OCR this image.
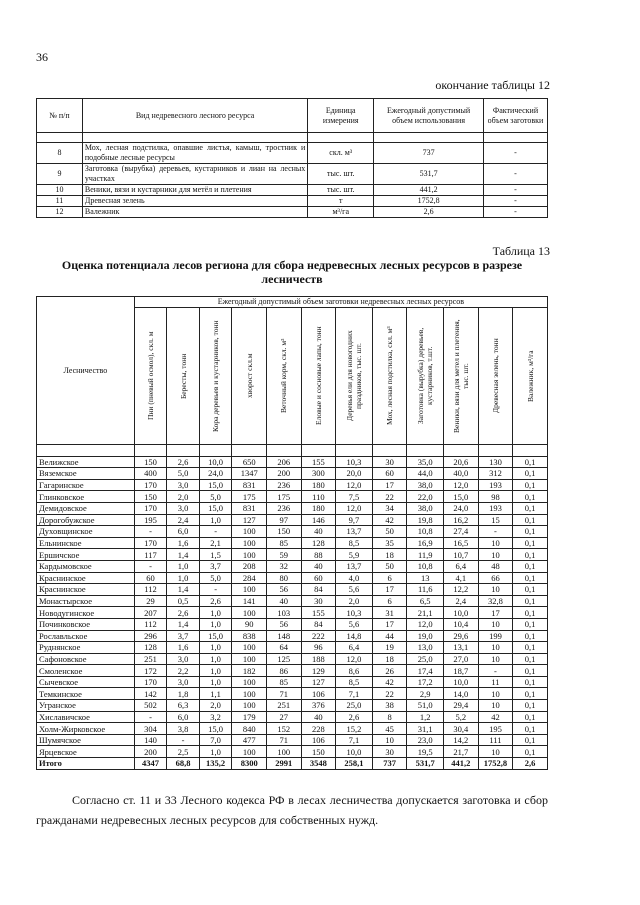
36
окончание таблицы 12
№ п/п	Вид недревесного лесного ресурса	Единица измерения	Ежегодный допустимый объем использования	Фактический объем заготовки

8	Мох, лесная подстилка, опавшие листья, камыш, тростник и подобные лесные ресурсы	скл. м³	737	-
9	Заготовка (вырубка) деревьев, кустарников и лиан на лесных участках	тыс. шт.	531,7	-
10	Веники, вязи и кустарники для метёл и плетения	тыс. шт.	441,2	-
11	Древесная зелень	т	1752,8	-
12	Валежник	м³/га	2,6	-
Таблица 13
Оценка потенциала лесов региона для сбора недревесных лесных ресурсов в разрезе лесничеств
Лесничество	Ежегодный допустимый объем заготовки недревесных лесных ресурсов											

	Пни (пневый осмол), скл. м	Бересты, тонн	Кора деревьев и кустарников, тонн	хворост скл.м	Веточный корм, скл. м³	Еловые и сосновые лапы, тонн	Деревья ели для новогодних праздников, тыс. шт.	Мох, лесная подстилка, скл. м³	Заготовка (вырубка) деревьев, кустарников, т.шт.	Веники, вязи для метел и плетения, тыс. шт.	Древесная зелень, тонн	Валежник, м³/га

Велижское	150	2,6	10,0	650	206	155	10,3	30	35,0	20,6	130	0,1
Вяземское	400	5,0	24,0	1347	200	300	20,0	60	44,0	40,0	312	0,1
Гагаринское	170	3,0	15,0	831	236	180	12,0	17	38,0	12,0	193	0,1
Глинковское	150	2,0	5,0	175	175	110	7,5	22	22,0	15,0	98	0,1
Демидовское	170	3,0	15,0	831	236	180	12,0	34	38,0	24,0	193	0,1
Дорогобужское	195	2,4	1,0	127	97	146	9,7	42	19,8	16,2	15	0,1
Духовщинское	-	6,0	-	100	150	40	13,7	50	10,8	27,4	-	0,1
Ельнинское	170	1,6	2,1	100	85	128	8,5	35	16,9	16,5	10	0,1
Ершичское	117	1,4	1,5	100	59	88	5,9	18	11,9	10,7	10	0,1
Кардымовское	-	1,0	3,7	208	32	40	13,7	50	10,8	6,4	48	0,1
Краснинское	60	1,0	5,0	284	80	60	4,0	6	13	4,1	66	0,1
Краснинское	112	1,4	-	100	56	84	5,6	17	11,6	12,2	10	0,1
Монастырское	29	0,5	2,6	141	40	30	2,0	6	6,5	2,4	32,8	0,1
Новодугинское	207	2,6	1,0	100	103	155	10,3	31	21,1	10,0	17	0,1
Починковское	112	1,4	1,0	90	56	84	5,6	17	12,0	10,4	10	0,1
Рославльское	296	3,7	15,0	838	148	222	14,8	44	19,0	29,6	199	0,1
Руднянское	128	1,6	1,0	100	64	96	6,4	19	13,0	13,1	10	0,1
Сафоновское	251	3,0	1,0	100	125	188	12,0	18	25,0	27,0	10	0,1
Смоленское	172	2,2	1,0	182	86	129	8,6	26	17,4	18,7	-	0,1
Сычевское	170	3,0	1,0	100	85	127	8,5	42	17,2	10,0	11	0,1
Темкинское	142	1,8	1,1	100	71	106	7,1	22	2,9	14,0	10	0,1
Угранское	502	6,3	2,0	100	251	376	25,0	38	51,0	29,4	10	0,1
Хиславичское	-	6,0	3,2	179	27	40	2,6	8	1,2	5,2	42	0,1
Холм-Жирковское	304	3,8	15,0	840	152	228	15,2	45	31,1	30,4	195	0,1
Шумячское	140	-	7,0	477	71	106	7,1	10	23,0	14,2	111	0,1
Ярцевское	200	2,5	1,0	100	100	150	10,0	30	19,5	21,7	10	0,1
Итого	4347	68,8	135,2	8300	2991	3548	258,1	737	531,7	441,2	1752,8	2,6
Согласно ст. 11 и 33 Лесного кодекса РФ в лесах лесничества допускается заготовка и сбор гражданами недревесных лесных ресурсов для собственных нужд.
